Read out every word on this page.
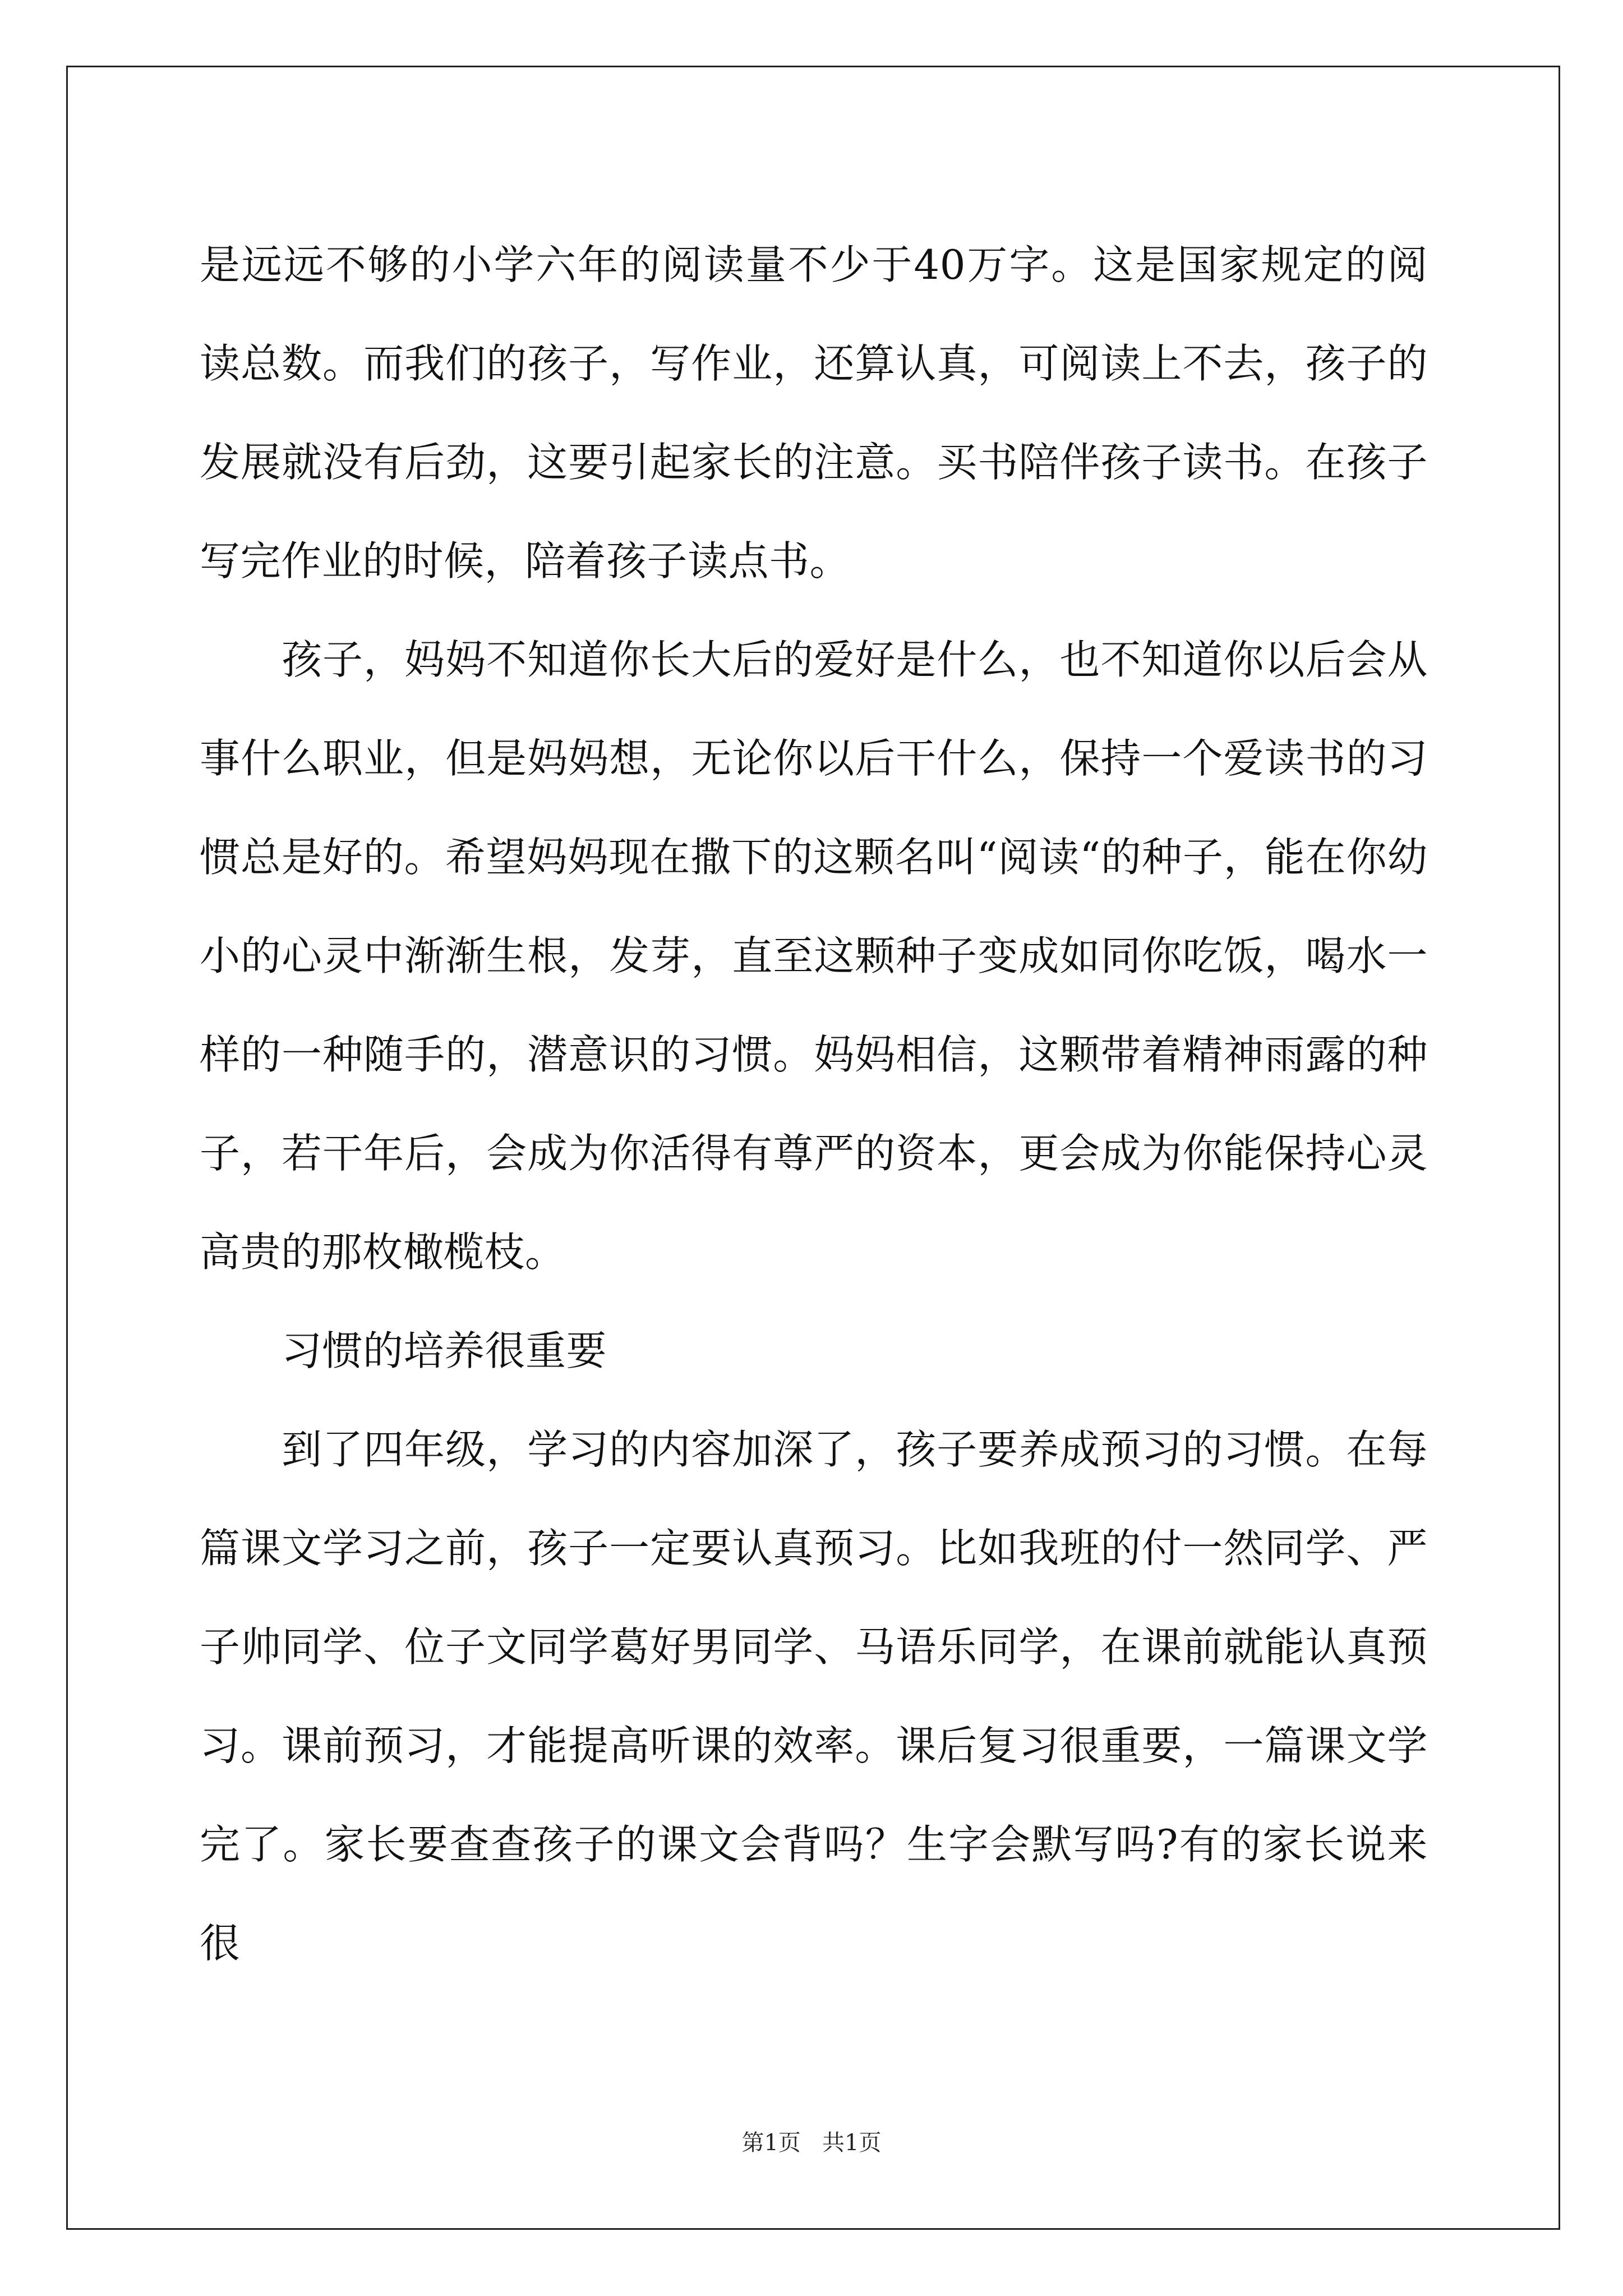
是远远不够的小学六年的阅读量不少于40万字。这是国家规定的阅读总数。而我们的孩子，写作业，还算认真，可阅读上不去，孩子的发展就没有后劲，这要引起家长的注意。买书陪伴孩子读书。在孩子写完作业的时候，陪着孩子读点书。

孩子，妈妈不知道你长大后的爱好是什么，也不知道你以后会从事什么职业，但是妈妈想，无论你以后干什么，保持一个爱读书的习惯总是好的。希望妈妈现在撒下的这颗名叫“阅读“的种子，能在你幼小的心灵中渐渐生根，发芽，直至这颗种子变成如同你吃饭，喝水一样的一种随手的，潜意识的习惯。妈妈相信，这颗带着精神雨露的种子，若干年后，会成为你活得有尊严的资本，更会成为你能保持心灵高贵的那枚橄榄枝。

习惯的培养很重要

到了四年级，学习的内容加深了，孩子要养成预习的习惯。在每篇课文学习之前，孩子一定要认真预习。比如我班的付一然同学、严子帅同学、位子文同学葛好男同学、马语乐同学，在课前就能认真预习。课前预习，才能提高听课的效率。课后复习很重要，一篇课文学完了。家长要查查孩子的课文会背吗？生字会默写吗?有的家长说来很

第1页   共1页
